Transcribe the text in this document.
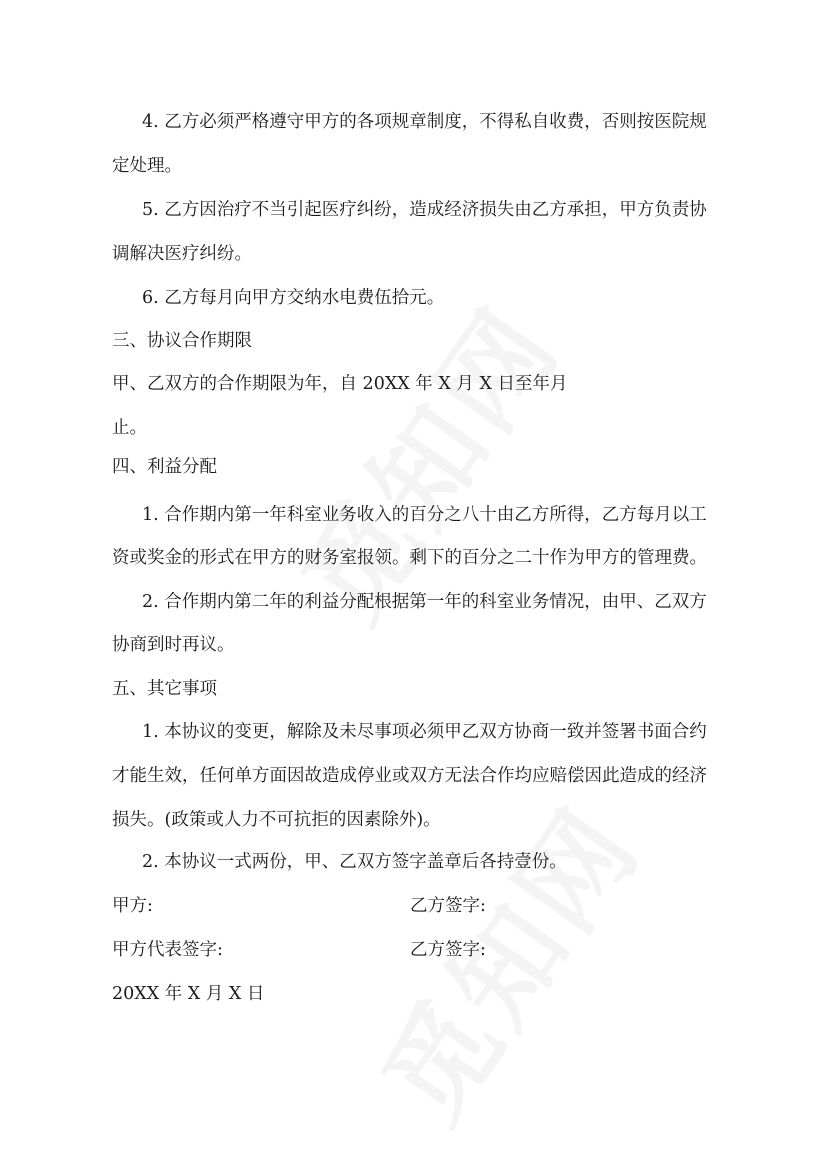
4. 乙方必须严格遵守甲方的各项规章制度，不得私自收费，否则按医院规
定处理。
5. 乙方因治疗不当引起医疗纠纷，造成经济损失由乙方承担，甲方负责协
调解决医疗纠纷。
6. 乙方每月向甲方交纳水电费伍拾元。
三、协议合作期限
甲、乙双方的合作期限为年，自 20XX 年 X 月 X 日至年月
止。
四、利益分配
1. 合作期内第一年科室业务收入的百分之八十由乙方所得，乙方每月以工
资或奖金的形式在甲方的财务室报领。剩下的百分之二十作为甲方的管理费。
2. 合作期内第二年的利益分配根据第一年的科室业务情况，由甲、乙双方
协商到时再议。
五、其它事项
1. 本协议的变更，解除及未尽事项必须甲乙双方协商一致并签署书面合约
才能生效，任何单方面因故造成停业或双方无法合作均应赔偿因此造成的经济
损失。(政策或人力不可抗拒的因素除外)。
2. 本协议一式两份，甲、乙双方签字盖章后各持壹份。
甲方:	乙方签字:
甲方代表签字:	乙方签字:
20XX 年 X 月 X 日
